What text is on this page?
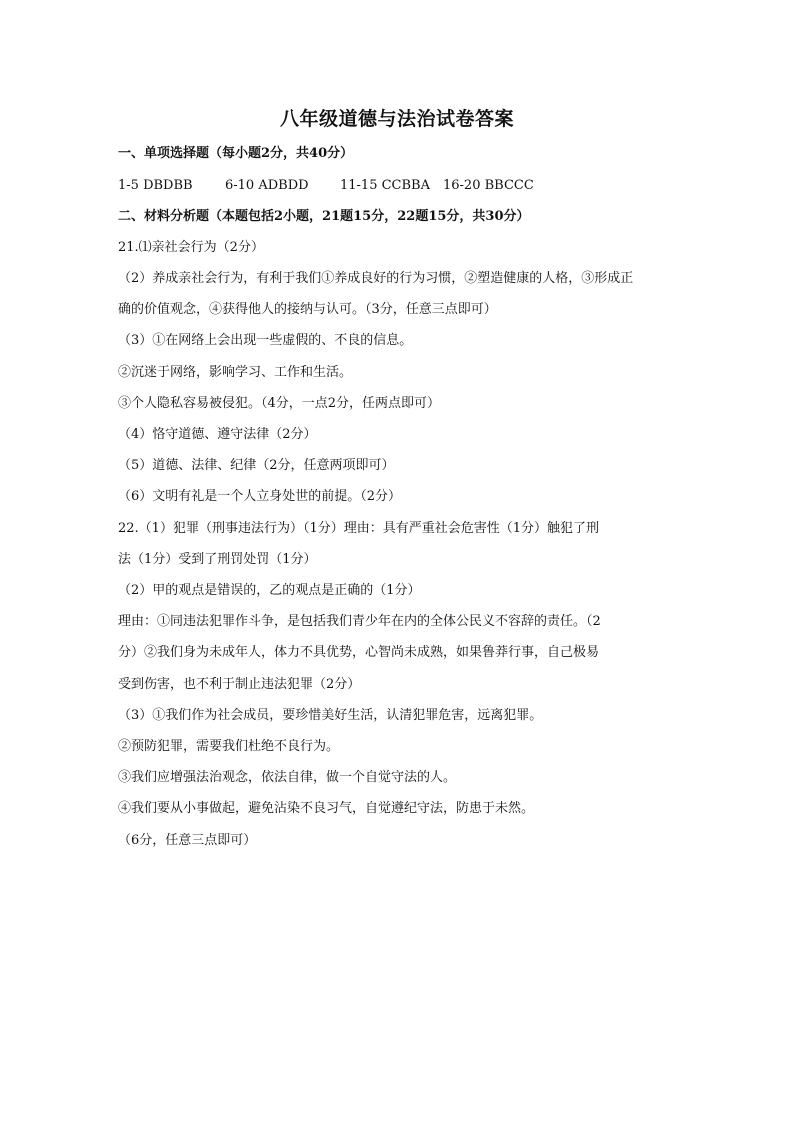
八年级道德与法治试卷答案
一、单项选择题（每小题2分，共40分）
1-5 DBDBB 6-10 ADBDD 11-15 CCBBA 16-20 BBCCC
二、材料分析题（本题包括2小题，21题15分，22题15分，共30分）
21.⑴亲社会行为（2分）
（2）养成亲社会行为，有利于我们①养成良好的行为习惯，②塑造健康的人格，③形成正
确的价值观念，④获得他人的接纳与认可。（3分，任意三点即可）
（3）①在网络上会出现一些虚假的、不良的信息。
②沉迷于网络，影响学习、工作和生活。
③个人隐私容易被侵犯。（4分，一点2分，任两点即可）
（4）恪守道德、遵守法律（2分）
（5）道德、法律、纪律（2分，任意两项即可）
（6）文明有礼是一个人立身处世的前提。（2分）
22.（1）犯罪（刑事违法行为）（1分）理由：具有严重社会危害性（1分）触犯了刑
法（1分）受到了刑罚处罚（1分）
（2）甲的观点是错误的，乙的观点是正确的（1分）
理由：①同违法犯罪作斗争，是包括我们青少年在内的全体公民义不容辞的责任。（2
分）②我们身为未成年人，体力不具优势，心智尚未成熟，如果鲁莽行事，自己极易
受到伤害，也不利于制止违法犯罪（2分）
（3）①我们作为社会成员，要珍惜美好生活，认清犯罪危害，远离犯罪。
②预防犯罪，需要我们杜绝不良行为。
③我们应增强法治观念，依法自律，做一个自觉守法的人。
④我们要从小事做起，避免沾染不良习气，自觉遵纪守法，防患于未然。
（6分，任意三点即可）
